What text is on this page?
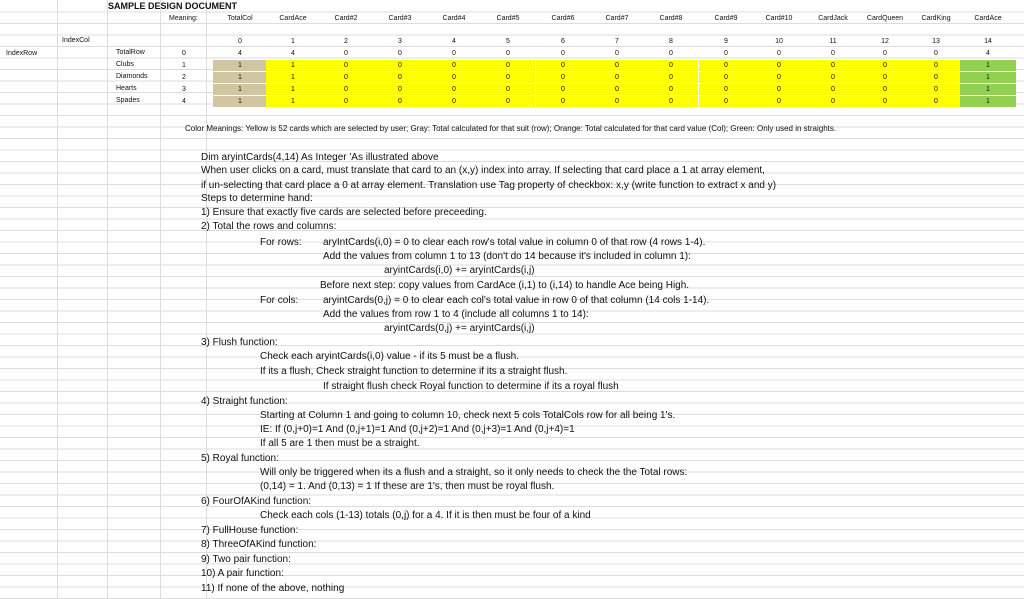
SAMPLE DESIGN DOCUMENT
Meaning:	TotalCol	CardAce	Card#2	Card#3	Card#4	Card#5	Card#6	Card#7	Card#8	Card#9	Card#10	CardJack	CardQueen	CardKing	CardAce
IndexCol
IndexRow
0	1	2	3	4	5	6	7	8	9	10	11	12	13	14
TotalRow	0	4	4	0	0	0	0	0	0	0	0	0	0	0	0	4
Clubs	1	1	1	0	0	0	0	0	0	0	0	0	0	0	0	1
Diamonds	2	1	1	0	0	0	0	0	0	0	0	0	0	0	0	1
Hearts	3	1	1	0	0	0	0	0	0	0	0	0	0	0	0	1
Spades	4	1	1	0	0	0	0	0	0	0	0	0	0	0	0	1
Color Meanings: Yellow is 52 cards which are selected by user; Gray: Total calculated for that suit (row); Orange: Total calculated for that card value (Col); Green: Only used in straights.
Dim aryintCards(4,14) As Integer 'As illustrated above
When user clicks on a card, must translate that card to an (x,y) index into array. If selecting that card place a 1 at array element,
if un-selecting that card place a 0 at array element. Translation use Tag property of checkbox: x,y (write function to extract x and y)
Steps to determine hand:
1) Ensure that exactly five cards are selected before preceeding.
2) Total the rows and columns:
For rows: aryIntCards(i,0) = 0 to clear each row's total value in column 0 of that row (4 rows 1-4).
Add the values from column 1 to 13 (don't do 14 because it's included in column 1):
aryintCards(i,0) += aryintCards(i,j)
Before next step: copy values from CardAce (i,1) to (i,14) to handle Ace being High.
For cols: aryintCards(0,j) = 0 to clear each col's total value in row 0 of that column (14 cols 1-14).
Add the values from row 1 to 4 (include all columns 1 to 14):
aryintCards(0,j) += aryintCards(i,j)
3) Flush function:
Check each aryintCards(i,0) value - if its 5 must be a flush.
If its a flush, Check straight function to determine if its a straight flush.
If straight flush check Royal function to determine if its a royal flush
4) Straight function:
Starting at Column 1 and going to column 10, check next 5 cols TotalCols row for all being 1's.
IE: If (0,j+0)=1 And (0,j+1)=1 And (0,j+2)=1 And (0,j+3)=1 And (0,j+4)=1
If all 5 are 1 then must be a straight.
5) Royal function:
Will only be triggered when its a flush and a straight, so it only needs to check the the Total rows:
(0,14) = 1. And (0,13) = 1 If these are 1's, then must be royal flush.
6) FourOfAKind function:
Check each cols (1-13) totals (0,j) for a 4. If it is then must be four of a kind
7) FullHouse function:
8) ThreeOfAKind function:
9) Two pair function:
10) A pair function:
11) If none of the above, nothing
